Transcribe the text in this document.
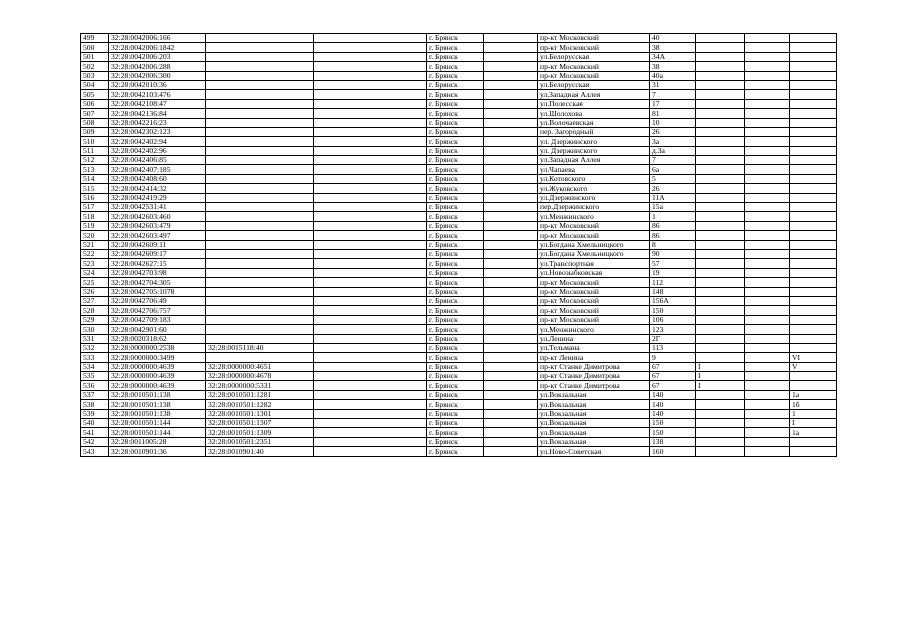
499	32:28:0042006:166			г. Брянск		пр-кт Московский	40			
500	32:28:0042006:1842			г. Брянск		пр-кт Московский	38			
501	32:28:0042006:203			г. Брянск		ул.Белорусская	34А			
502	32:28:0042006:288			г. Брянск		пр-кт Московский	38			
503	32:28:0042006:300			г. Брянск		пр-кт Московский	40а			
504	32:28:0042010:36			г. Брянск		ул.Белорусская	31			
505	32:28:0042103:476			г. Брянск		ул.Западная Аллея	7			
506	32:28:0042108:47			г. Брянск		ул.Полесская	17			
507	32:28:0042136:84			г. Брянск		ул.Шолохова	81			
508	32:28:0042216:23			г. Брянск		ул.Волочаевская	10			
509	32:28:0042302:123			г. Брянск		пер. Загородный	26			
510	32:28:0042402:94			г. Брянск		ул. Дзержинского	3а			
511	32:28:0042402:96			г. Брянск		ул. Дзержинского	д.3а			
512	32:28:0042406:85			г. Брянск		ул.Западная Аллея	7			
513	32:28:0042407:185			г. Брянск		ул.Чапаева	6а			
514	32:28:0042408:60			г. Брянск		ул.Котовского	5			
515	32:28:0042414:32			г. Брянск		ул.Жуковского	26			
516	32:28:0042419:29			г. Брянск		ул.Дзержинского	11А			
517	32:28:0042531:41			г. Брянск		пер.Дзержинского	15а			
518	32:28:0042603:460			г. Брянск		ул.Менжинского	1			
519	32:28:0042603:479			г. Брянск		пр-кт Московский	86			
520	32:28:0042603:497			г. Брянск		пр-кт Московский	86			
521	32:28:0042609:11			г. Брянск		ул.Богдана Хмельницкого	8			
522	32:28:0042609:17			г. Брянск		ул.Богдана Хмельницкого	90			
523	32:28:0042627:15			г. Брянск		ул.Транспортная	57			
524	32:28:0042703:98			г. Брянск		ул.Новозыбковская	19			
525	32:28:0042704:305			г. Брянск		пр-кт Московский	112			
526	32:28:0042705:1078			г. Брянск		пр-кт Московский	148			
527	32:28:0042706:49			г. Брянск		пр-кт Московский	156А			
528	32:28:0042706:757			г. Брянск		пр-кт Московский	150			
529	32:28:0042709:183			г. Брянск		пр-кт Московский	106			
530	32:28:0042901:60			г. Брянск		ул.Менжинского	123			
531	32:28:0020318:62			г. Брянск		ул.Ленина	2Г			
532	32:28:0000000:2538	32:28:0015118:40		г. Брянск		ул.Тельмана	113			
533	32:28:0000000:3499			г. Брянск		пр-кт Ленина	9			VI
534	32:28:0000000:4639	32:28:0000000:4651		г. Брянск		пр-кт Станке Димитрова	67	I		V
535	32:28:0000000:4639	32:28:0000000:4678		г. Брянск		пр-кт Станке Димитрова	67	I		
536	32:28:0000000:4639	32:28:0000000:5331		г. Брянск		пр-кт Станке Димитрова	67	I		
537	32:28:0010501:138	32:28:0010501:1281		г. Брянск		ул.Вокзальная	140			1а
538	32:28:0010501:138	32:28:0010501:1282		г. Брянск		ул.Вокзальная	140			1б
539	32:28:0010501:138	32:28:0010501:1301		г. Брянск		ул.Вокзальная	140			1
540	32:28:0010501:144	32:28:0010501:1307		г. Брянск		ул.Вокзальная	150			I
541	32:28:0010501:144	32:28:0010501:1309		г. Брянск		ул.Вокзальная	150			1а
542	32:28:0011005:28	32:28:0010501:2351		г. Брянск		ул.Вокзальная	138			
543	32:28:0010901:36	32:28:0010901:40		г. Брянск		ул.Ново-Советская	160			
